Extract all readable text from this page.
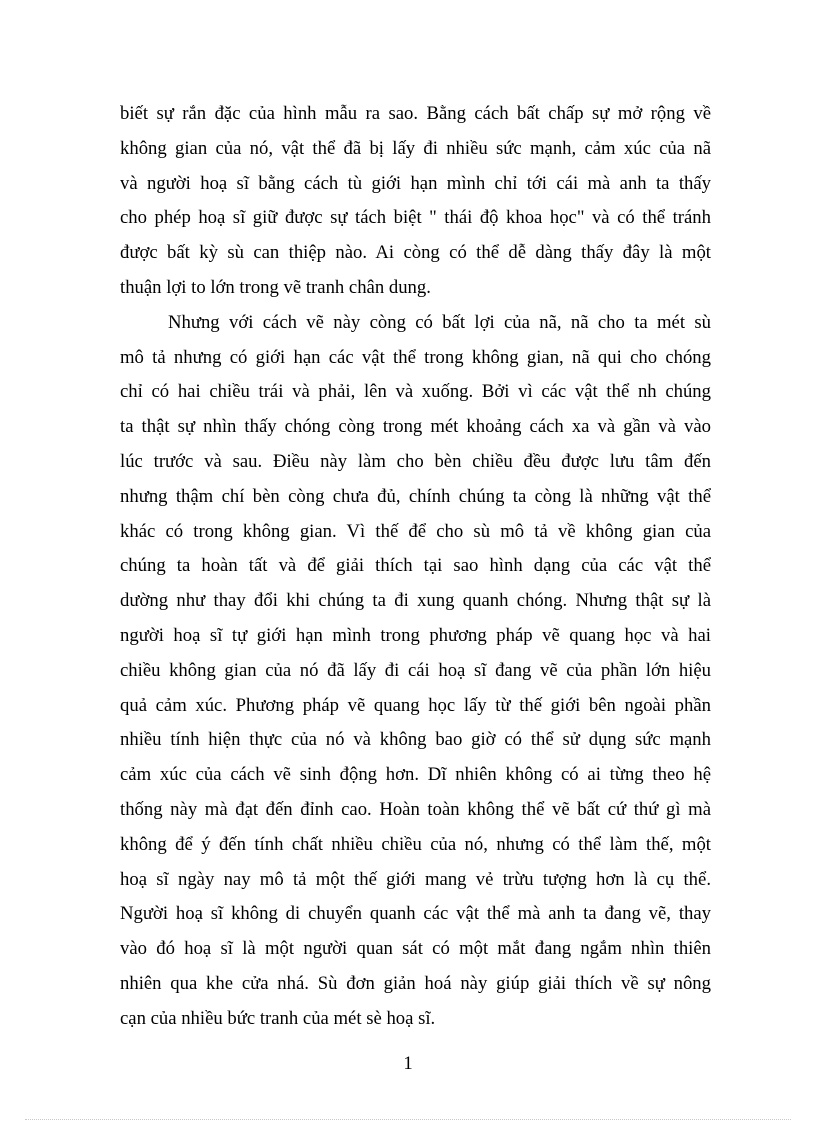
biết sự rắn đặc của hình mẫu ra sao. Bằng cách bất chấp sự mở rộng về
không gian của nó, vật thể đã bị lấy đi nhiều sức mạnh, cảm xúc của nã
và người hoạ sĩ bằng cách tù giới hạn mình chỉ tới cái mà anh ta thấy
cho phép hoạ sĩ giữ được sự tách biệt " thái độ khoa học" và có thể tránh
được bất kỳ sù can thiệp nào. Ai còng có thể dễ dàng thấy đây là một
thuận lợi to lớn trong vẽ tranh chân dung.
Nhưng với cách vẽ này còng có bất lợi của nã, nã cho ta mét sù
mô tả nhưng có giới hạn các vật thể trong không gian, nã qui cho chóng
chỉ có hai chiều trái và phải, lên và xuống. Bởi vì các vật thể nh chúng
ta thật sự nhìn thấy chóng còng trong mét khoảng cách xa và gần và vào
lúc trước và sau. Điều này làm cho bèn chiều đều được lưu tâm đến
nhưng thậm chí bèn còng chưa đủ, chính chúng ta còng là những vật thể
khác có trong không gian. Vì thế để cho sù mô tả về không gian của
chúng ta hoàn tất và để giải thích tại sao hình dạng của các vật thể
dường như thay đổi khi chúng ta đi xung quanh chóng. Nhưng thật sự là
người hoạ sĩ tự giới hạn mình trong phương pháp vẽ quang học và hai
chiều không gian của nó đã lấy đi cái hoạ sĩ đang vẽ của phần lớn hiệu
quả cảm xúc. Phương pháp vẽ quang học lấy từ thế giới bên ngoài phần
nhiều tính hiện thực của nó và không bao giờ có thể sử dụng sức mạnh
cảm xúc của cách vẽ sinh động hơn. Dĩ nhiên không có ai từng theo hệ
thống này mà đạt đến đỉnh cao. Hoàn toàn không thể vẽ bất cứ thứ gì mà
không để ý đến tính chất nhiều chiều của nó, nhưng có thể làm thế, một
hoạ sĩ ngày nay mô tả một thế giới mang vẻ trừu tượng hơn là cụ thể.
Người hoạ sĩ không di chuyển quanh các vật thể mà anh ta đang vẽ, thay
vào đó hoạ sĩ là một người quan sát có một mắt đang ngắm nhìn thiên
nhiên qua khe cửa nhá. Sù đơn giản hoá này giúp giải thích về sự nông
cạn của nhiều bức tranh của mét sè hoạ sĩ.
1
